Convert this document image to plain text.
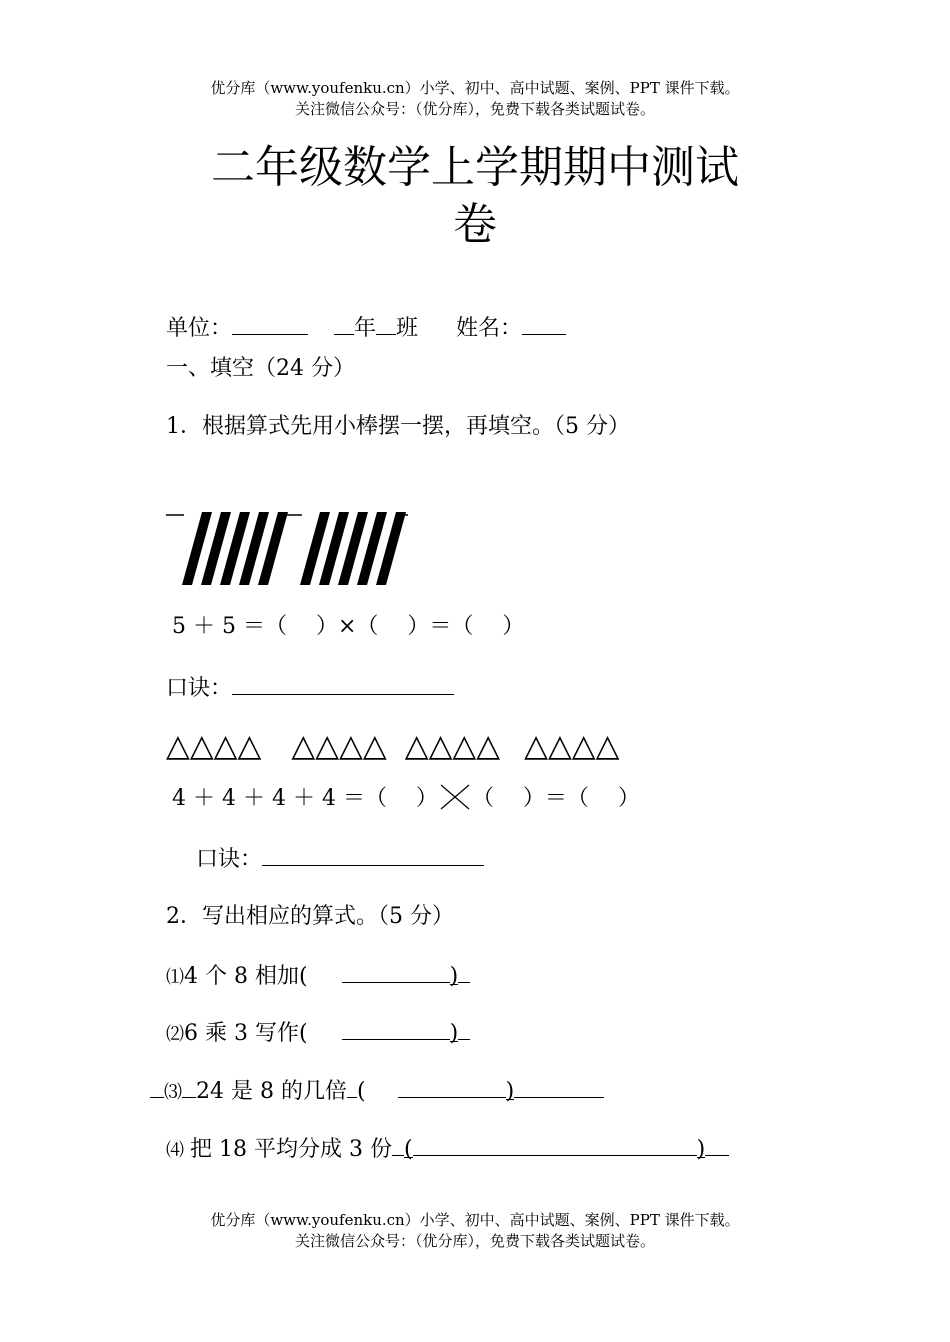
优分库（www.youfenku.cn）小学、初中、高中试题、案例、PPT 课件下载。
关注微信公众号：（优分库），免费下载各类试题试卷。
二年级数学上学期期中测试
卷
单位：	年 班 姓名：
一、填空（24 分）
1．根据算式先用小棒摆一摆，再填空。（5 分）
5 ＋ 5 ＝（　 ）×（　 ）＝（　 ）
口诀：
△△△△ △△△△ △△△△ △△△△
4 ＋ 4 ＋ 4 ＋ 4 ＝（　 ） （　 ）＝（　 ）
口诀：
2．写出相应的算式。（5 分）
⑴4 个 8 相加(	)
⑵6 乘 3 写作(	)
⑶ 24 是 8 的几倍 (	)
⑷ 把 18 平均分成 3 份 (	)
优分库（www.youfenku.cn）小学、初中、高中试题、案例、PPT 课件下载。
关注微信公众号：（优分库），免费下载各类试题试卷。
